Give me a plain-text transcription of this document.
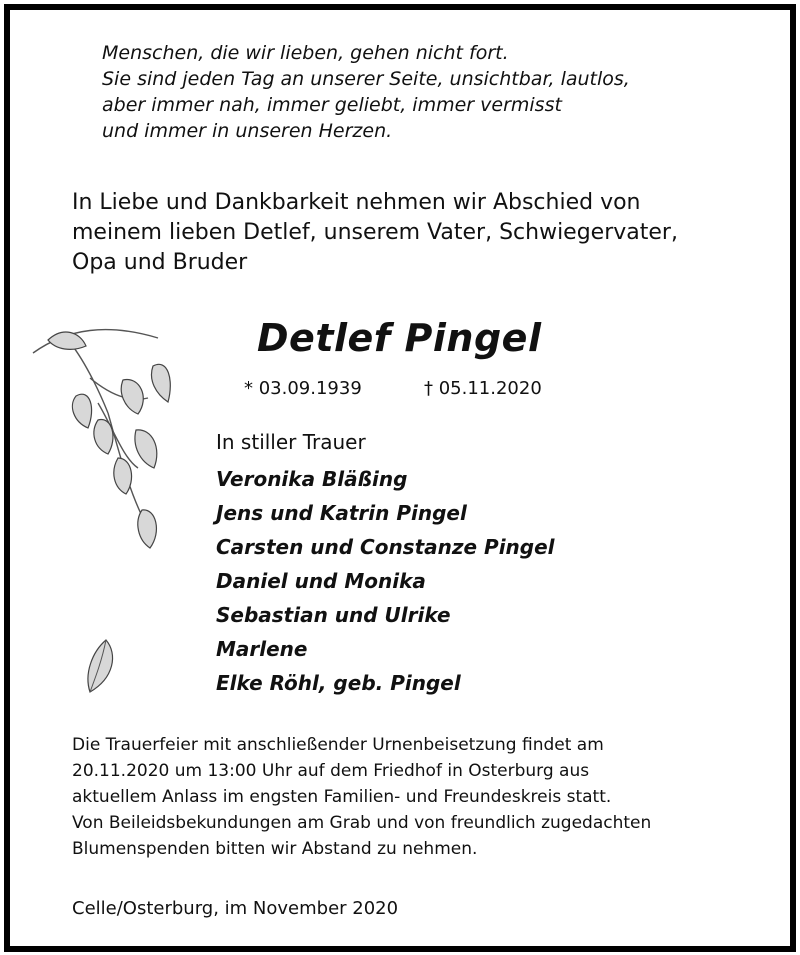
Menschen, die wir lieben, gehen nicht fort.
Sie sind jeden Tag an unserer Seite, unsichtbar, lautlos,
aber immer nah, immer geliebt, immer vermisst
und immer in unseren Herzen.
In Liebe und Dankbarkeit nehmen wir Abschied von
meinem lieben Detlef, unserem Vater, Schwiegervater,
Opa und Bruder
Detlef Pingel
* 03.09.1939	† 05.11.2020
In stiller Trauer
Veronika Bläßing
Jens und Katrin Pingel
Carsten und Constanze Pingel
Daniel und Monika
Sebastian und Ulrike
Marlene
Elke Röhl, geb. Pingel
Die Trauerfeier mit anschließender Urnenbeisetzung findet am
20.11.2020 um 13:00 Uhr auf dem Friedhof in Osterburg aus
aktuellem Anlass im engsten Familien- und Freundeskreis statt.
Von Beileidsbekundungen am Grab und von freundlich zugedachten
Blumenspenden bitten wir Abstand zu nehmen.
Celle/Osterburg, im November 2020
